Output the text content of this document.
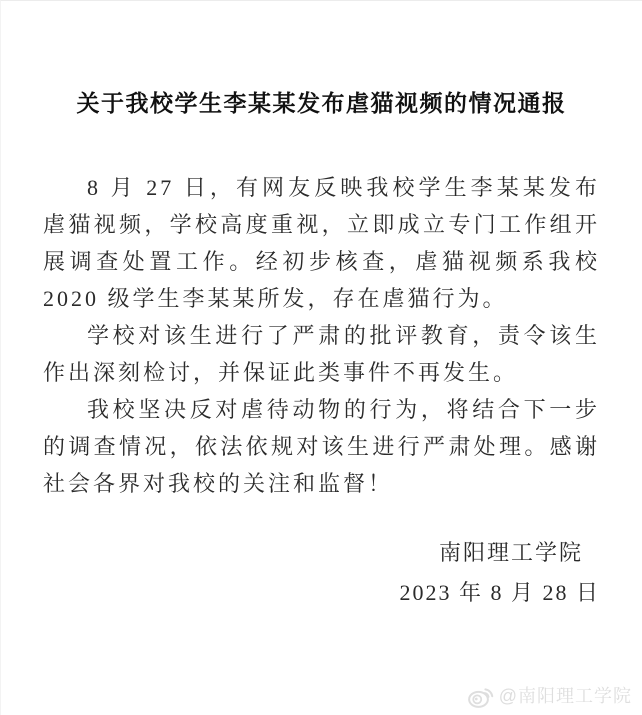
关于我校学生李某某发布虐猫视频的情况通报

8 月 27 日，有网友反映我校学生李某某发布虐猫视频，学校高度重视，立即成立专门工作组开展调查处置工作。经初步核查，虐猫视频系我校 2020 级学生李某某所发，存在虐猫行为。

学校对该生进行了严肃的批评教育，责令该生作出深刻检讨，并保证此类事件不再发生。

我校坚决反对虐待动物的行为，将结合下一步的调查情况，依法依规对该生进行严肃处理。感谢社会各界对我校的关注和监督！

南阳理工学院
2023 年 8 月 28 日
@南阳理工学院
